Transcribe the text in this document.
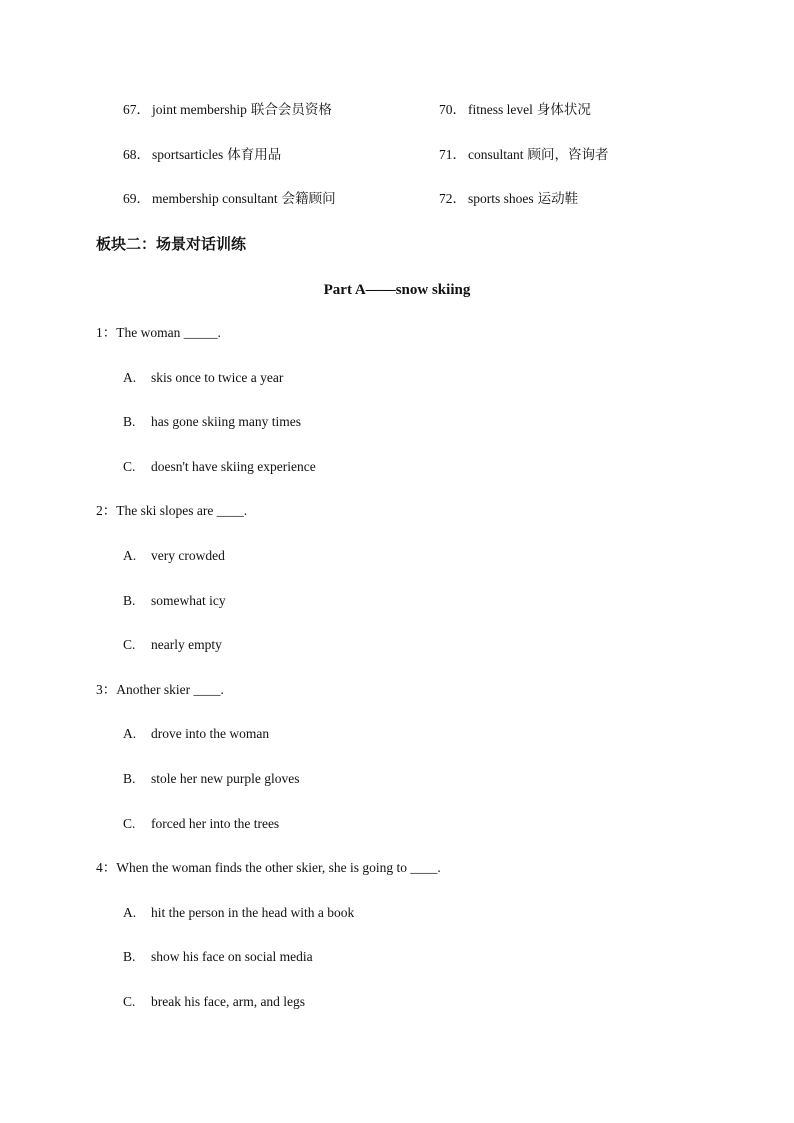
67． joint membership 联合会员资格	70． fitness level 身体状况
68． sportsarticles 体育用品	71． consultant 顾问，咨询者
69． membership consultant 会籍顾问	72． sports shoes 运动鞋
板块二：场景对话训练
Part A——snow skiing
1：The woman _____.
A. skis once to twice a year
B. has gone skiing many times
C. doesn't have skiing experience
2：The ski slopes are ____.
A. very crowded
B. somewhat icy
C. nearly empty
3：Another skier ____.
A. drove into the woman
B. stole her new purple gloves
C. forced her into the trees
4：When the woman finds the other skier, she is going to ____.
A. hit the person in the head with a book
B. show his face on social media
C. break his face, arm, and legs
